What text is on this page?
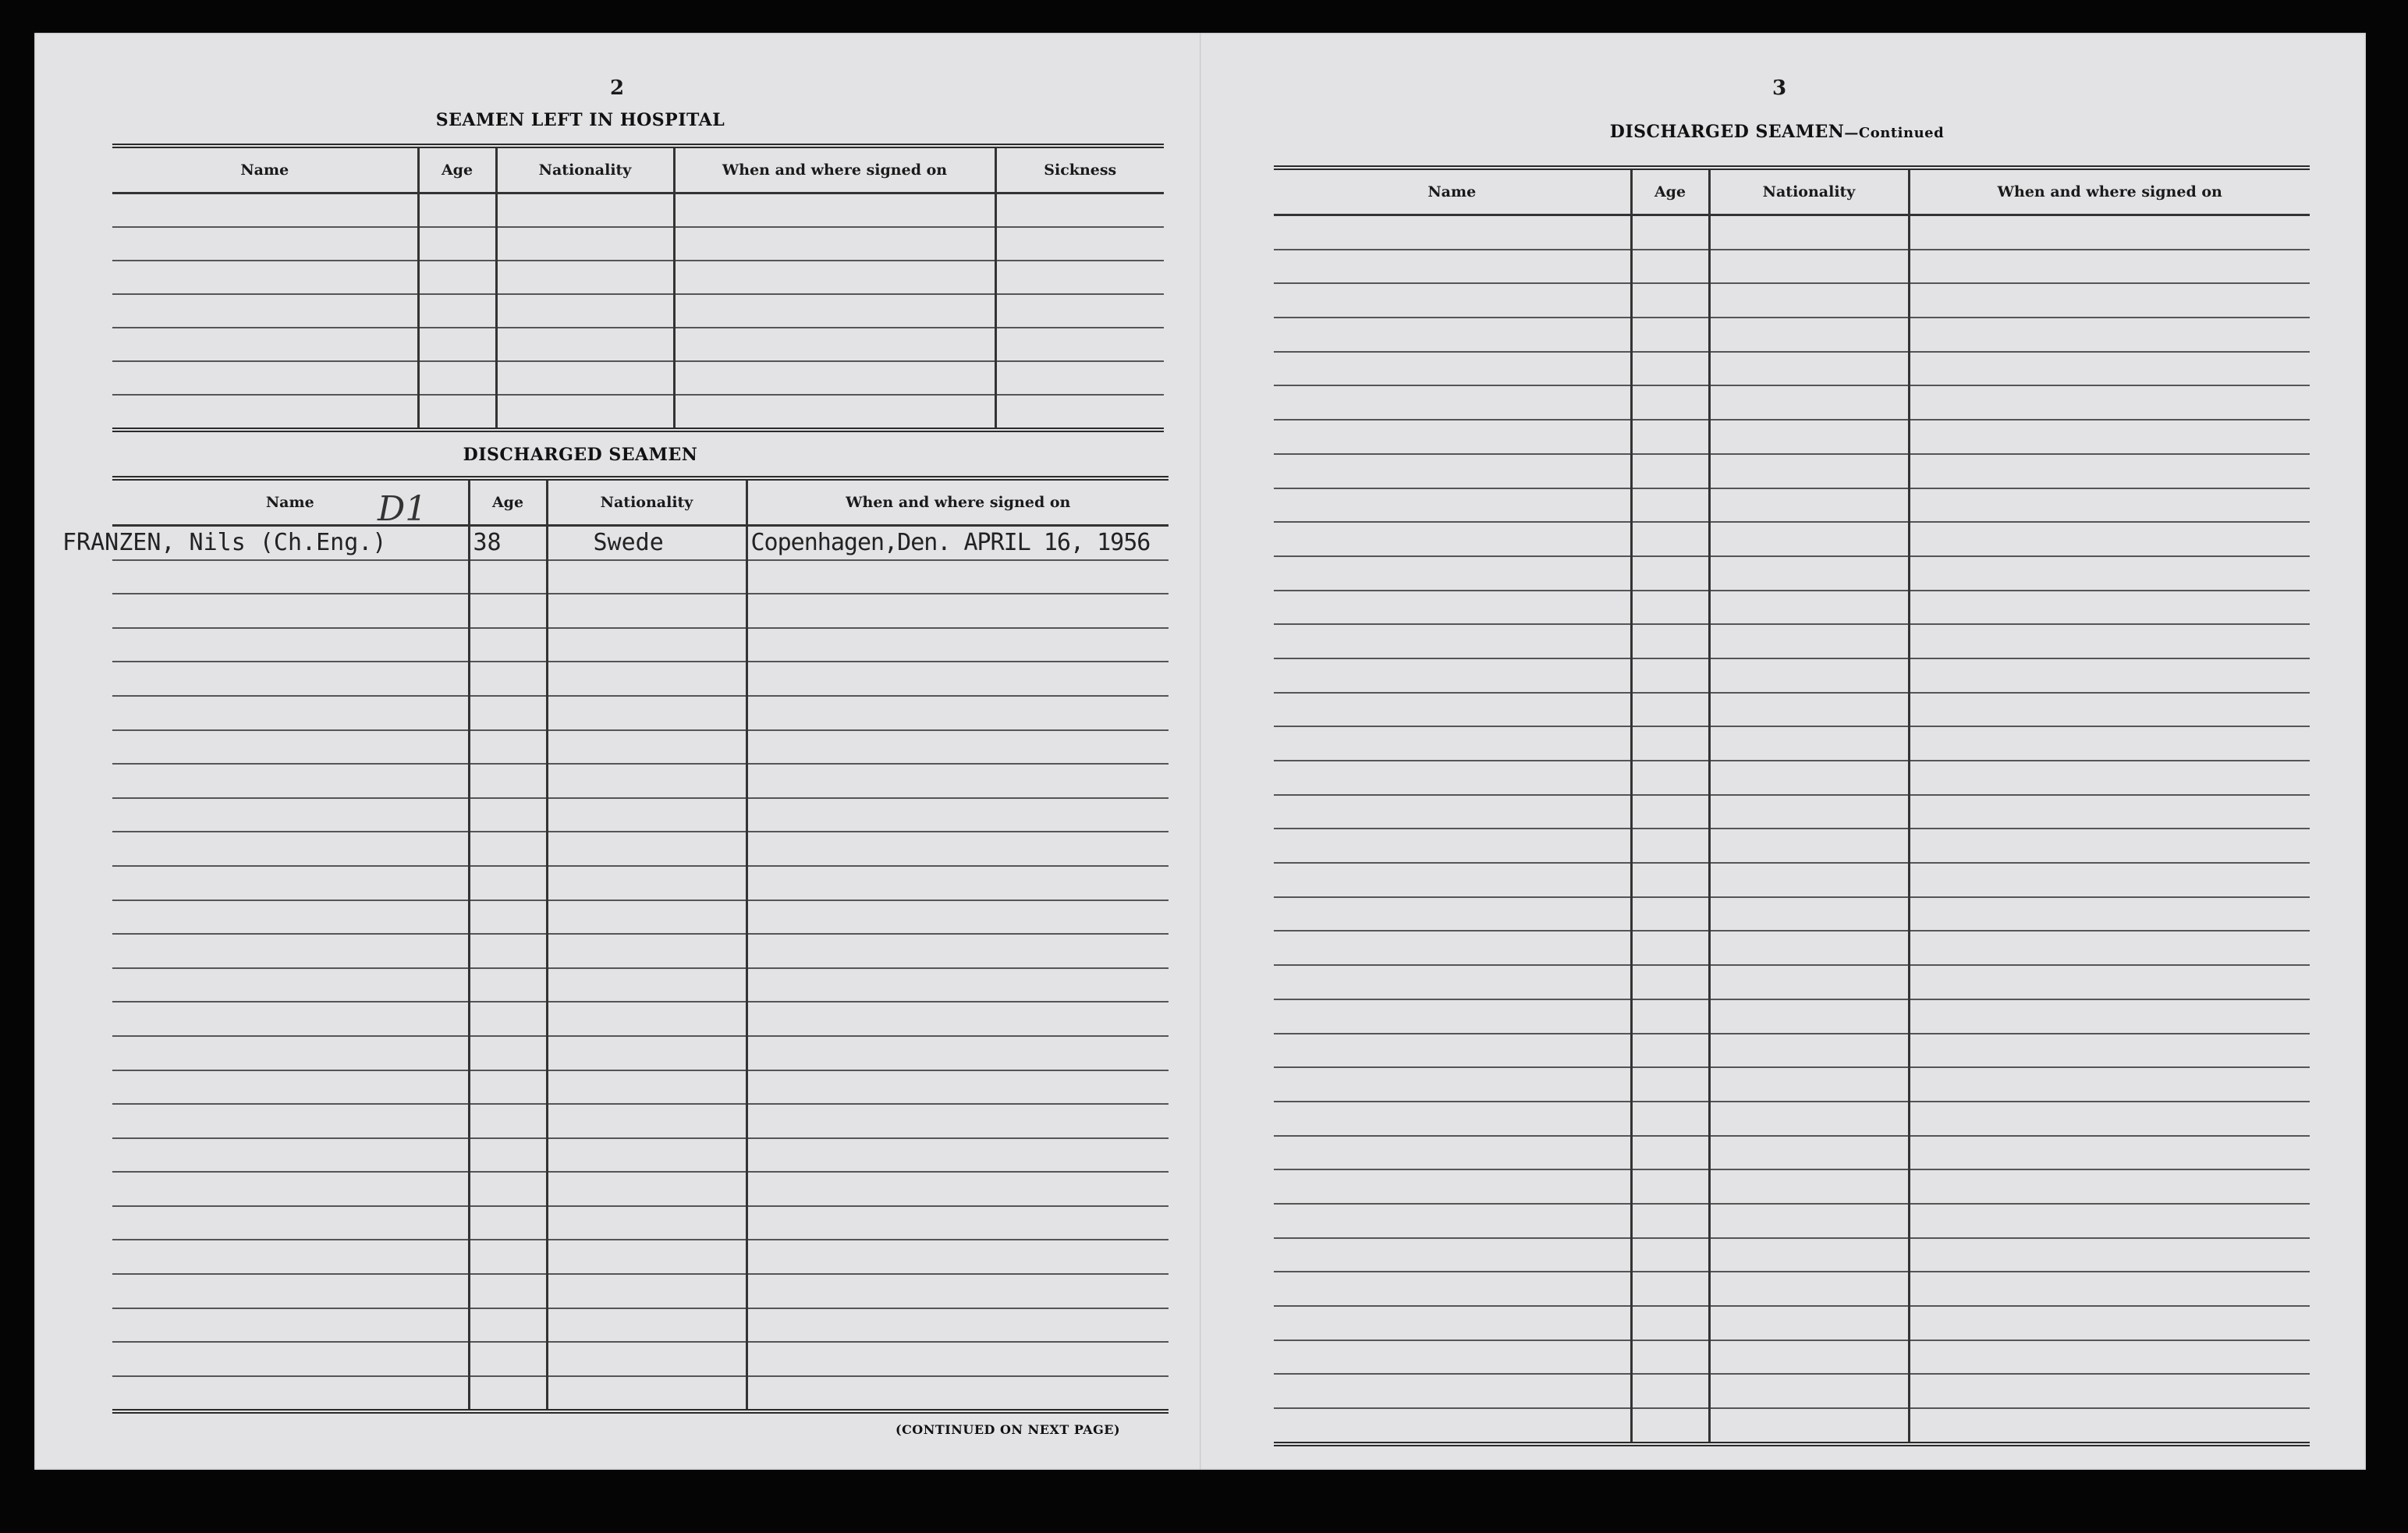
2
SEAMEN LEFT IN HOSPITAL
Name	Age	Nationality	When and where signed on	Sickness

DISCHARGED SEAMEN
D1
Name	Age	Nationality	When and where signed on
FRANZEN, Nils (Ch.Eng.)	38	Swede	Copenhagen,Den. APRIL 16, 1956

(CONTINUED ON NEXT PAGE)
3
DISCHARGED SEAMEN—Continued
Name	Age	Nationality	When and where signed on
